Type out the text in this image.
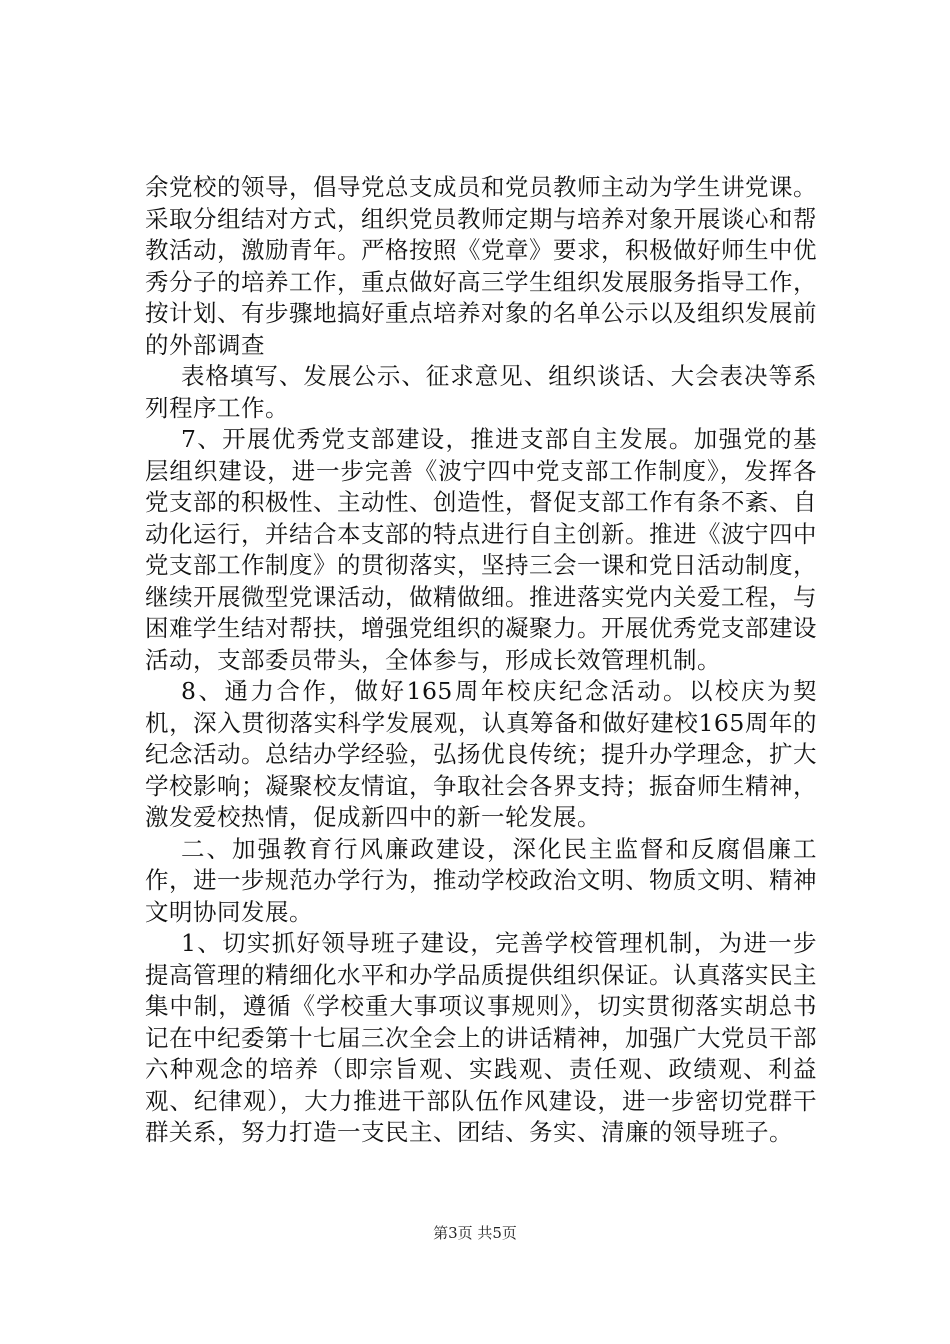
余党校的领导，倡导党总支成员和党员教师主动为学生讲党课。采取分组结对方式，组织党员教师定期与培养对象开展谈心和帮教活动，激励青年。严格按照《党章》要求，积极做好师生中优秀分子的培养工作，重点做好高三学生组织发展服务指导工作，按计划、有步骤地搞好重点培养对象的名单公示以及组织发展前的外部调查

表格填写、发展公示、征求意见、组织谈话、大会表决等系列程序工作。

7、开展优秀党支部建设，推进支部自主发展。加强党的基层组织建设，进一步完善《波宁四中党支部工作制度》，发挥各党支部的积极性、主动性、创造性，督促支部工作有条不紊、自动化运行，并结合本支部的特点进行自主创新。推进《波宁四中党支部工作制度》的贯彻落实，坚持三会一课和党日活动制度，继续开展微型党课活动，做精做细。推进落实党内关爱工程，与困难学生结对帮扶，增强党组织的凝聚力。开展优秀党支部建设活动，支部委员带头，全体参与，形成长效管理机制。

8、通力合作，做好165周年校庆纪念活动。以校庆为契机，深入贯彻落实科学发展观，认真筹备和做好建校165周年的纪念活动。总结办学经验，弘扬优良传统；提升办学理念，扩大学校影响；凝聚校友情谊，争取社会各界支持；振奋师生精神，激发爱校热情，促成新四中的新一轮发展。

二、加强教育行风廉政建设，深化民主监督和反腐倡廉工作，进一步规范办学行为，推动学校政治文明、物质文明、精神文明协同发展。

1、切实抓好领导班子建设，完善学校管理机制，为进一步提高管理的精细化水平和办学品质提供组织保证。认真落实民主集中制，遵循《学校重大事项议事规则》，切实贯彻落实胡总书记在中纪委第十七届三次全会上的讲话精神，加强广大党员干部六种观念的培养（即宗旨观、实践观、责任观、政绩观、利益观、纪律观），大力推进干部队伍作风建设，进一步密切党群干群关系，努力打造一支民主、团结、务实、清廉的领导班子。

第3页 共5页
